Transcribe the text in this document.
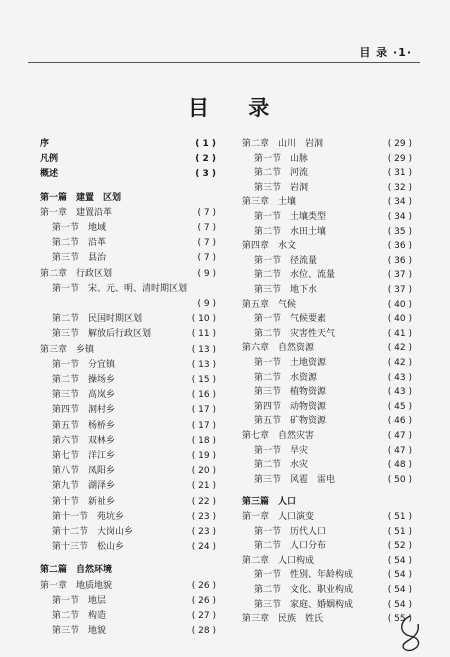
目 录 ·1·
目 录
序	( 1 )
凡例	( 2 )
概述	( 3 )
第一篇　建置　区划
第一章　建置沿革	( 7 )
第一节　地域	( 7 )
第二节　沿革	( 7 )
第三节　县治	( 7 )
第二章　行政区划	( 9 )
第一节　宋、元、明、清时期区划
( 9 )
第二节　民国时期区划	( 10 )
第三节　解放后行政区划	( 11 )
第三章　乡镇	( 13 )
第一节　分宜镇	( 13 )
第二节　操场乡	( 15 )
第三节　高岚乡	( 16 )
第四节　洞村乡	( 17 )
第五节　杨桥乡	( 17 )
第六节　双林乡	( 18 )
第七节　洋江乡	( 19 )
第八节　凤阳乡	( 20 )
第九节　湖泽乡	( 21 )
第十节　新祉乡	( 22 )
第十一节　苑坑乡	( 23 )
第十二节　大岗山乡	( 23 )
第十三节　松山乡	( 24 )
第二篇　自然环境
第一章　地质地貌	( 26 )
第一节　地层	( 26 )
第二节　构造	( 27 )
第三节　地貌	( 28 )
第二章　山川　岩洞	( 29 )
第一节　山脉	( 29 )
第二节　河流	( 31 )
第三节　岩洞	( 32 )
第三章　土壤	( 34 )
第一节　土壤类型	( 34 )
第二节　水田土壤	( 35 )
第四章　水文	( 36 )
第一节　径流量	( 36 )
第二节　水位、流量	( 37 )
第三节　地下水	( 37 )
第五章　气候	( 40 )
第一节　气候要素	( 40 )
第二节　灾害性天气	( 41 )
第六章　自然资源	( 42 )
第一节　土地资源	( 42 )
第二节　水资源	( 43 )
第三节　植物资源	( 43 )
第四节　动物资源	( 45 )
第五节　矿物资源	( 46 )
第七章　自然灾害	( 47 )
第一节　旱灾	( 47 )
第二节　水灾	( 48 )
第三节　风雹　雷电	( 50 )
第三篇　人口
第一章　人口演变	( 51 )
第一节　历代人口	( 51 )
第二节　人口分布	( 52 )
第二章　人口构成	( 54 )
第一节　性别、年龄构成	( 54 )
第二节　文化、职业构成	( 54 )
第三节　家庭、婚姻构成	( 54 )
第三章　民族　姓氏	( 55 )
